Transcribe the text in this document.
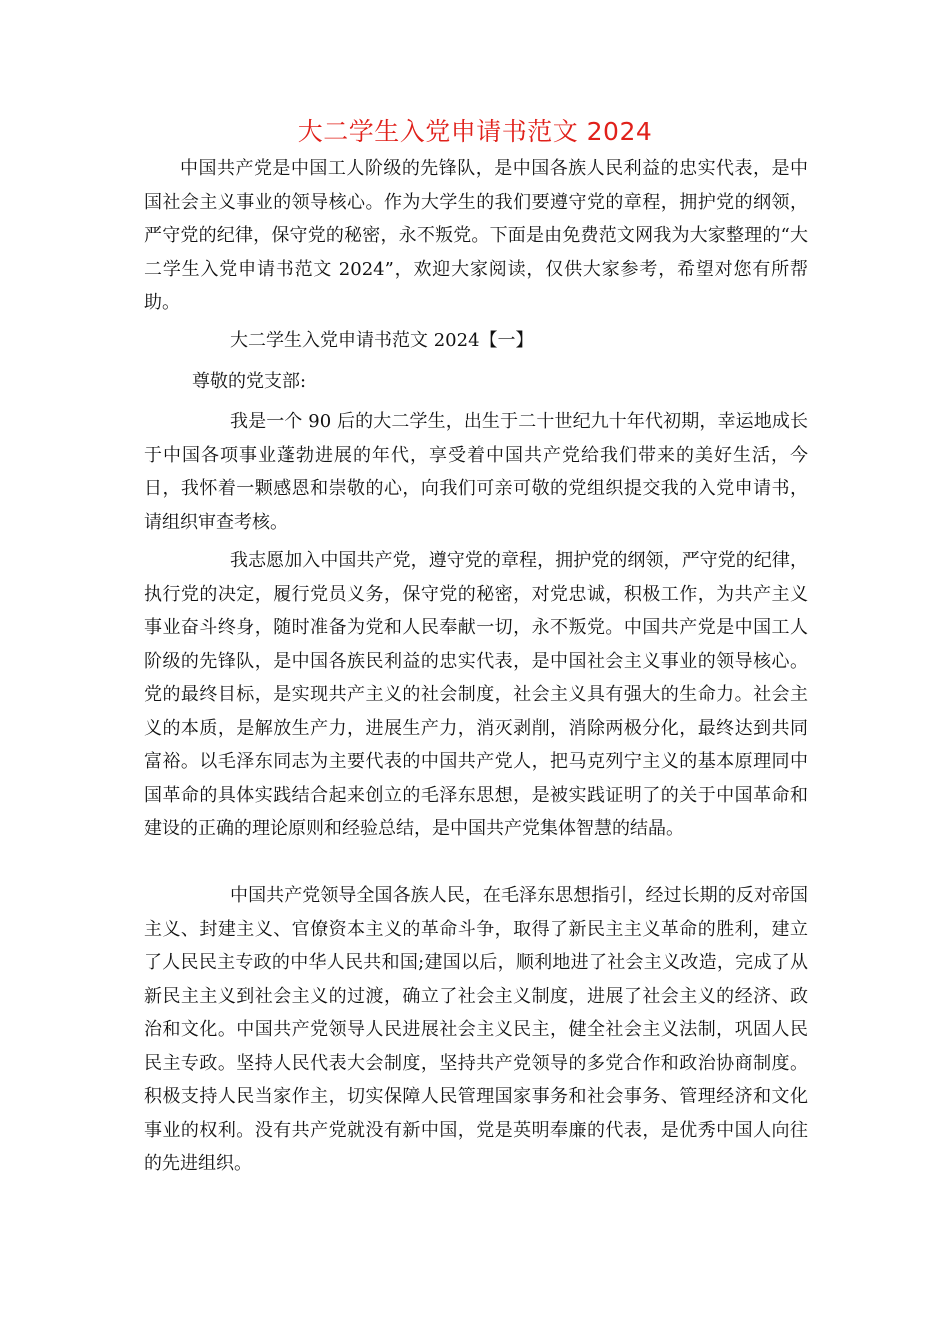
大二学生入党申请书范文 2024

中国共产党是中国工人阶级的先锋队，是中国各族人民利益的忠实代表，是中国社会主义事业的领导核心。作为大学生的我们要遵守党的章程，拥护党的纲领，严守党的纪律，保守党的秘密，永不叛党。下面是由免费范文网我为大家整理的“大二学生入党申请书范文 2024”，欢迎大家阅读，仅供大家参考，希望对您有所帮助。

大二学生入党申请书范文 2024【一】

尊敬的党支部:

我是一个 90 后的大二学生，出生于二十世纪九十年代初期，幸运地成长于中国各项事业蓬勃进展的年代，享受着中国共产党给我们带来的美好生活，今日，我怀着一颗感恩和崇敬的心，向我们可亲可敬的党组织提交我的入党申请书，请组织审查考核。

我志愿加入中国共产党，遵守党的章程，拥护党的纲领，严守党的纪律，执行党的决定，履行党员义务，保守党的秘密，对党忠诚，积极工作，为共产主义事业奋斗终身，随时准备为党和人民奉献一切，永不叛党。中国共产党是中国工人阶级的先锋队，是中国各族民利益的忠实代表，是中国社会主义事业的领导核心。党的最终目标，是实现共产主义的社会制度，社会主义具有强大的生命力。社会主义的本质，是解放生产力，进展生产力，消灭剥削，消除两极分化，最终达到共同富裕。以毛泽东同志为主要代表的中国共产党人，把马克列宁主义的基本原理同中国革命的具体实践结合起来创立的毛泽东思想，是被实践证明了的关于中国革命和建设的正确的理论原则和经验总结，是中国共产党集体智慧的结晶。

中国共产党领导全国各族人民，在毛泽东思想指引，经过长期的反对帝国主义、封建主义、官僚资本主义的革命斗争，取得了新民主主义革命的胜利，建立了人民民主专政的中华人民共和国;建国以后，顺利地进了社会主义改造，完成了从新民主主义到社会主义的过渡，确立了社会主义制度，进展了社会主义的经济、政治和文化。中国共产党领导人民进展社会主义民主，健全社会主义法制，巩固人民民主专政。坚持人民代表大会制度，坚持共产党领导的多党合作和政治协商制度。积极支持人民当家作主，切实保障人民管理国家事务和社会事务、管理经济和文化事业的权利。没有共产党就没有新中国，党是英明奉廉的代表，是优秀中国人向往的先进组织。
